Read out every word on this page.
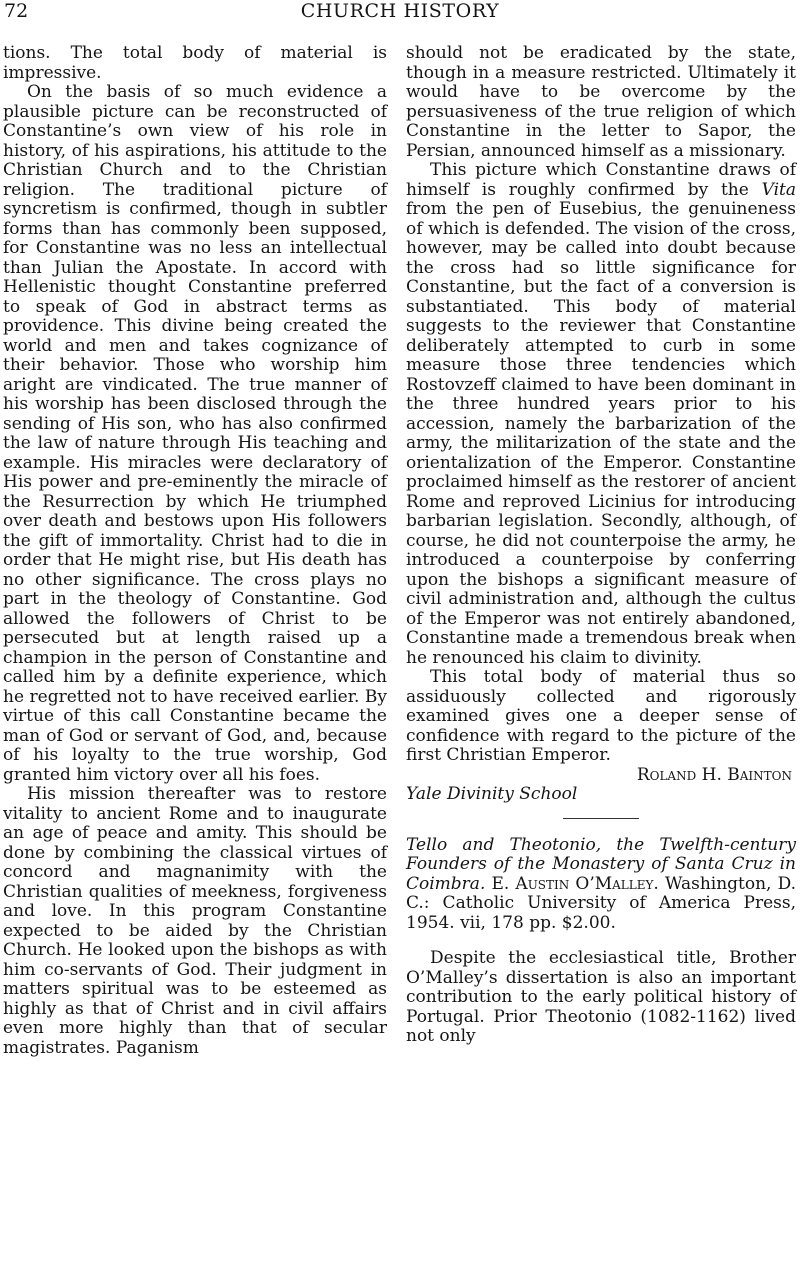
72	CHURCH HISTORY

tions. The total body of material is impressive.

On the basis of so much evidence a plausible picture can be reconstructed of Constantine’s own view of his role in history, of his aspirations, his attitude to the Christian Church and to the Christian religion. The traditional picture of syncretism is confirmed, though in subtler forms than has commonly been supposed, for Constantine was no less an intellectual than Julian the Apostate. In accord with Hellenistic thought Constantine preferred to speak of God in abstract terms as providence. This divine being created the world and men and takes cognizance of their behavior. Those who worship him aright are vindicated. The true manner of his worship has been disclosed through the sending of His son, who has also confirmed the law of nature through His teaching and example. His miracles were declaratory of His power and pre-eminently the miracle of the Resurrection by which He triumphed over death and bestows upon His followers the gift of immortality. Christ had to die in order that He might rise, but His death has no other significance. The cross plays no part in the theology of Constantine. God allowed the followers of Christ to be persecuted but at length raised up a champion in the person of Constantine and called him by a definite experience, which he regretted not to have received earlier. By virtue of this call Constantine became the man of God or servant of God, and, because of his loyalty to the true worship, God granted him victory over all his foes.

His mission thereafter was to restore vitality to ancient Rome and to inaugurate an age of peace and amity. This should be done by combining the classical virtues of concord and magnanimity with the Christian qualities of meekness, forgiveness and love. In this program Constantine expected to be aided by the Christian Church. He looked upon the bishops as with him co-servants of God. Their judgment in matters spiritual was to be esteemed as highly as that of Christ and in civil affairs even more highly than that of secular magistrates. Paganism

should not be eradicated by the state, though in a measure restricted. Ultimately it would have to be overcome by the persuasiveness of the true religion of which Constantine in the letter to Sapor, the Persian, announced himself as a missionary.

This picture which Constantine draws of himself is roughly confirmed by the Vita from the pen of Eusebius, the genuineness of which is defended. The vision of the cross, however, may be called into doubt because the cross had so little significance for Constantine, but the fact of a conversion is substantiated. This body of material suggests to the reviewer that Constantine deliberately attempted to curb in some measure those three tendencies which Rostovzeff claimed to have been dominant in the three hundred years prior to his accession, namely the barbarization of the army, the militarization of the state and the orientalization of the Emperor. Constantine proclaimed himself as the restorer of ancient Rome and reproved Licinius for introducing barbarian legislation. Secondly, although, of course, he did not counterpoise the army, he introduced a counterpoise by conferring upon the bishops a significant measure of civil administration and, although the cultus of the Emperor was not entirely abandoned, Constantine made a tremendous break when he renounced his claim to divinity.

This total body of material thus so assiduously collected and rigorously examined gives one a deeper sense of confidence with regard to the picture of the first Christian Emperor.

Roland H. Bainton

Yale Divinity School

Tello and Theotonio, the Twelfth-century Founders of the Monastery of Santa Cruz in Coimbra. E. Austin O’Malley. Washington, D. C.: Catholic University of America Press, 1954. vii, 178 pp. $2.00.

Despite the ecclesiastical title, Brother O’Malley’s dissertation is also an important contribution to the early political history of Portugal. Prior Theotonio (1082-1162) lived not only
